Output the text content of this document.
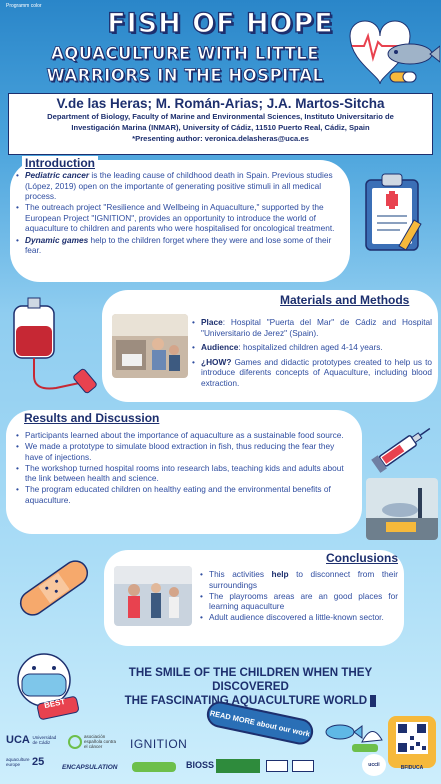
Programm color
FISH OF HOPE
AQUACULTURE WITH LITTLE
WARRIORS IN THE HOSPITAL
V.de las Heras; M. Román-Arias; J.A. Martos-Sitcha
Department of Biology, Faculty of Marine and Environmental Sciences, Instituto Universitario de
Investigación Marina (INMAR), University of Cádiz, 11510 Puerto Real, Cádiz, Spain
*Presenting author: veronica.delasheras@uca.es
Introduction
• Pediatric cancer is the leading cause of childhood death in Spain. Previous studies (López, 2019) open on the importante of generating positive stimuli in all medical process.
• The outreach project "Resilience and Wellbeing in Aquaculture," supported by the European Project "IGNITION", provides an opportunity to introduce the world of aquaculture to children and parents who were hospitalised for oncological treatment.
• Dynamic games help to the children forget where they were and lose some of their fear.
Materials and Methods
• Place: Hospital "Puerta del Mar" de Cádiz and Hospital "Universitario de Jerez" (Spain).
• Audience: hospitalized children aged 4-14 years.
• ¿HOW? Games and didactic prototypes created to help us to introduce diferents concepts of Aquaculture, including blood extraction.
Results and Discussion
• Participants learned about the importance of aquaculture as a sustainable food source.
• We made a prototype to simulate blood extraction in fish, thus reducing the fear they have of injections.
• The workshop turned hospital rooms into research labs, teaching kids and adults about the link between health and science.
• The program educated children on healthy eating and the environmental benefits of aquaculture.
Conclusions
• This activities help to disconnect from their surroundings
• The playrooms areas are an good places for learning aquaculture
• Adult audience discovered a little-known sector.
BEST
THE SMILE OF THE CHILDREN WHEN THEY DISCOVERED
THE FASCINATING AQUACULTURE WORLD
READ MORE about our work
BFIDUCA
UCA Universidad de Cádiz
asociación española contra el cáncer	IGNITION
aquaculture europe	25	ENCAPSULATION	BIOSS	uccii
